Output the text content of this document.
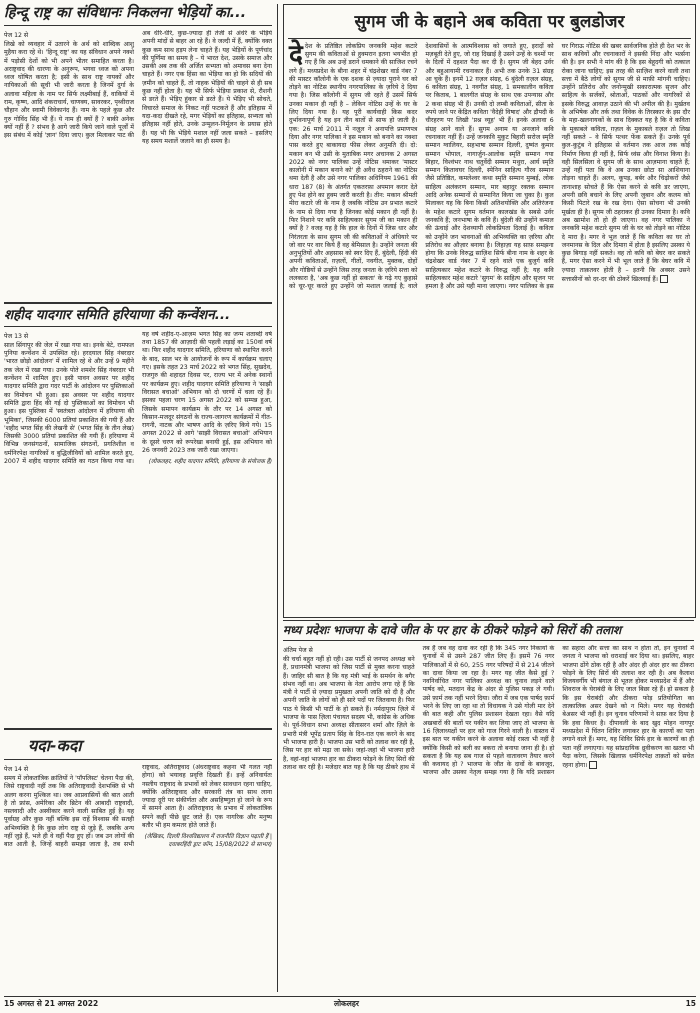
हिन्दू राष्ट्र का संविधानः निकलना भेड़ियों का...
पेज 12 से

लिखे को व्यवहार में उतारने के अर्थ को शाब्दिक आशु मुहैया करा रहे थे। 'हिन्दू राष्ट्र' का यह संविधान अपने नक्शे में पड़ोसी देशों को भी अपने भीतर समाहित करता है। अराष्ट्रवाद की धारणा के अनुरूप, भगवा ध्वज को अपना ध्वज घोषित करता है; इसी के साथ राष्ट्र नायकों और नायिकाओं की सूची भी जारी करता है जिनमें दुर्गा के अलावा महिला के नाम पर सिर्फ लक्ष्मीबाई हैं, वाकियों में राम, कृष्ण, आदि शंकराचार्य, चाणक्य, सावरकर, पृथ्वीराज चौहान और स्वामी विवेकानंद हैं। नाम के पहले कुछ और गुरु गोविंद सिंह भी हैं। ये नाम ही क्यों हैं ? बाकी अनेक क्यों नहीं हैं ? संभव है आगे जारी किये जाने वाले पूर्जों में इस संबंध में कोई 'ज्ञान' दिया जाए। कुल मिलाकर पाट की अब धीरे-धीरे, कुछ-ज्यादा ही तेजी से अंधेरे के भेड़िये अपनी मांदों से बाहर आ रहे हैं। वे जल्दी में हैं, क्योंकि वक्त कुछ कम साथ हड़प लेना चाहते हैं। यह भेड़ियों के पूर्णचांद की पूर्णिमा का समय है – ये भारत देश, उसके समाज और उसकी अब तक की अर्जित सभ्यता को अमावस बना देना चाहते हैं। नगर एक हिंसा का भेड़िया का हो कि सदियों की ज़मीन को चाहते हैं, तो नाहक भेड़ियों की चाहने से ही सब कुछ नहीं होता है। यह भी सिर्फ भेड़िया प्रकाश से, रौशनी से डरते हैं। भेड़िए हुंकार से डरते हैं। ये भेड़िए भी सोचते, विचारते समाज के निकट नहीं फटकते हैं और इतिहास में यदा-कदा दीखते रहे, मगर भेड़ियों का इतिहास, सभ्यता को इतिहास नहीं होते, उनके उन्मूलन-निर्मूलन के प्रयास होते हैं। यह भी कि भेड़िये मशाल नहीं जला सकते – इसलिए यह समय मशालें जलाने का ही समय है।

शहीद यादगार समिति हरियाणा की कन्वेंशन...
पेज 13 से

साल सिंगापुर की जेल में रखा गया था। इनके बेटे, रामफल पुनिया कन्वेंशन में उपस्थित रहे। हरदयाल सिंह नंबरदार 'भारत छोड़ो आंदोलन' में शामिल रहे थे और उन्हें 9 महीने तक जेल में रखा गया। उनके पोते शमशेर सिंह नंबरदार भी कन्वेंशन में शामिल हुए। इसी पावन अवसर पर शहीद यादगार समिति द्वारा गदर पार्टी के आंदोलन पर पुस्तिकाओं का विमोचन भी हुआ। इस अवसर पर शहीद यादगार समिति द्वारा हिंद की गई दो पुस्तिकाओं का विमोचन भी हुआ। इस पुस्तिका में 'स्वतंत्रता आंदोलन में हरियाणा की भूमिका', जिसकी 6000 प्रतियां प्रकाशित की गयी हैं और 'शहीद भगत सिंह की लेखनी से' (भगत सिंह के तीन लेख) जिसकी 3000 प्रतियां प्रकाशित की गयी हैं। हरियाणा में विभिन्न जनसंगठनों, सामाजिक संगठनों, प्रगतिशील व धर्मनिरपेक्ष नागरिकों व बुद्धिजीवियों को शामिल करते हुए, 2007 में शहीद यादगार समिति का गठन किया गया था। यह वर्ष शहीद-ए-आज़म भगत सिंह का जन्म शताब्दी वर्ष तथा 1857 की आज़ादी की पहली लड़ाई का 150वां वर्ष था। फिर शहीद यादगार समिति, हरियाणा को स्थापित करने के बाद, साल भर के आयोजनों के रूप में कार्यक्रम चलाए गए। इसके तहत 23 मार्च 2022 को भगत सिंह, सुखदेव, राजगुरु की शहादत दिवस पर, राज्य भर में अनेक स्थानों पर कार्यक्रम हुए। शहीद यादगार समिति हरियाणा ने 'साझी विरासत बचाओ' अभियान को दो चरणों में चला रहे हैं। इसका पहला चरण 15 अगस्त 2022 को सम्पन्न हुआ, जिसके समापन कार्यक्रम के तौर पर 14 अगस्त को किसान-मजदूर संगठनों के राज्य-जागरण कार्यक्रमों में गीत-रागनी, नाटक और भाषण आदि के ज़रिए किये गये। 15 अगस्त 2022 से आगे 'साझी विरासत बचाओ' अभियान के दूसरे चरण को रूपरेखा बनायी हुई, इस अभियान को 26 जनवरी 2023 तक जारी रखा जाएगा।

(लोकलहर, शहीद यादगार समिति, हरियाणा के संयोजक हैं)
यदा-कदा
पेज 14 से

समय में लोकतांत्रिक क्रांतियों ने 'पॉपलिस्ट' चेतना पैदा की, जिसे राष्ट्रवादी नहीं तक कि अतिराष्ट्रवादी देशभक्ति से भी अलग करना मुश्किल था। जब आप्रवासियों की बात आती है तो फ्रांस, अमेरिका और ब्रिटेन की आबादी राष्ट्रवादी, नस्लवादी और अस्वीकार करने वाली साबित हुई है। यह पूर्वाग्रह और कुछ नहीं बल्कि इस राहें विश्वास की सतही अभिव्यक्ति है कि कुछ लोग राष्ट्र से जुड़े हैं, जबकि अन्य नहीं जुड़े हैं, भले ही वे वहीं पैदा हुए हों। जब उन लोगों की बात आती है, जिन्हें बाहरी समझा जाता है, तब सभी राष्ट्रवाद, अतिराष्ट्रवाद (अंधराष्ट्रवाद कहना भी गलत नहीं होगा) को भयावह प्रवृत्ति दिखती हैं। इन्हें अनिवार्यतः नस्लीय राष्ट्रवाद के प्रभावों को लेकर सावधान रहना चाहिए, क्योंकि अतिराष्ट्रवाद और सरकारी तंत्र का साथ लाना ज्यादा दूरी पर संकीर्णता और असहिष्णुता हो जाने के रूप में सामने आता है। अतिराष्ट्रवाद के प्रभाव में लोकतांत्रिक सपने कहीं पीछे छूट जाते हैं। एक नागरिक और मनुष्य बतौर भी हम कमतर होते जाते हैं।

(लेखिका, दिल्ली विश्वविद्यालय में राजनीति विज्ञान पढ़ाती हैं | दवाबरहिंदी ड्राट कॉम, 15/08/2022 से साभार)
सुगम जी के बहाने अब कविता पर बुलडोजर

देदेश के प्रतिष्ठित लोकप्रिय जनकवि महेश कटारे सुगम की कविताओं से हुक्मरान इतना भयभीत हो गए हैं कि अब उन्हें डराने धमकाने की साजिश रचने लगे हैं। मध्यप्रदेश के बीना शहर में चंद्रशेखर वार्ड नंबर 7 की मास्टर कॉलोनी के एक दशक से ज़्यादा पुराने घर को तोड़ने का नोटिस स्थानीय नगरपालिका के ज़रिये दे दिया गया है। जिस कॉलोनी में सुगम जी रहते हैं उसमें सिर्फ उनका मकान ही नहीं है – लेकिन नोटिस उन्हें के घर के लिए दिया गया है। यह पूरी कार्यवाही किस कदर दुर्भावनापूर्ण है यह इन तीन बातों से साफ हो जाती है। एक: 26 मार्च 2011 में नज़ूल ने अनापत्ति प्रमाणपत्र दिया और नगर पालिका ने इस मकान को बनाने का नक्शा पास करते हुए बाकायदा फीस लेकर अनुमति दी। दो: मकान बन भी उसी के मुताबिक मगर अचानक 2 अगस्त 2022 को नगर पालिका उन्हें नोटिस थमाकर 'मास्टर कालोनी में मकान बनाने को' ही अवैध ठहराने का नोटिस थमा देती है और उसे नगर पालिका अधिनियम 1961 की धारा 187 (8) के अंतर्गत एकतरफ़ा अपमान करार देते हुए पेश होने का हुक्म जारी करती है। तीन: मकान श्रीमती मीरा कटारे जी के नाम है जबकि नोटिस उन प्रभात कटारे के नाम से दिया गया है जिनका कोई मकान ही नहीं है। फिर निशाने पर कवि साहित्यकार सुगम जी का मकान ही क्यों है ? वजह यह है कि हाल के दिनों में जिस धार और निरंतरता के साथ सुगम जी की कविताओं ने अंधियारे पर जो वार पर वार किये हैं वह बेमिसाल है। उन्होंने जनता की अनुभूतियों और अहसास को स्वर दिए हैं, बुंदेली, हिंदी की अपनी कविताओं, ग़ज़लों, गीतों, नवगीत, मुक्तक, दोहों और गोष्ठियों से उन्होंने जिस तरह जनता के ज़रिये सत्ता को ललकारा है, 'अब कुछ नहीं हो सकता' के गढ़े गए कुहासे को चूर-चूर करते हुए उन्होंने जो मशाल जलाई है; वाले देशवासियों के आत्मविश्वास को जगाते हुए, इरादों को मज़बूती देते हुए, जो राह दिखाई है उसने उन्हें के चश्मों पर के दिलों में दहशत पैदा कर दी है। सुगम जी बेहद उर्वर और बहुआयामी रचनाकार हैं। अभी तक उनके 31 संग्रह आ चुके हैं। इनमें 12 ग़ज़ल संग्रह, 6 बुंदेली ग़ज़ल संग्रह, 6 कविता संग्रह, 1 नवगीत संग्रह, 1 समकालीन कविता पर किताब, 1 बालगीत संग्रह के साथ एक उपन्यास और 2 कथा संग्रह भी हैं। उनकी दो लम्बी कविताओं, सीता के रुपये जाने पर केंद्रित कविता 'वैदेही विषाद' और द्रौपदी के चीरहरण पर लिखी 'प्रश्न व्यूह' भी हैं। इनके अलावा 6 संग्रह आने वाले हैं। सुगम अनाम या अनजाने कवि रचनाकार नहीं हैं। उन्हें जनकवि मुकुट बिहारी सरोज स्मृति सम्मान ग्वालियर, सहभाषा सम्मान दिल्ली, दुष्यंत कुमार सम्मान भोपाल, नागार्जुन-आलोक स्मृति सम्मान गया बिहार, विश्वंभर नाथ चतुर्वेदी सम्मान मथुरा, आर्य स्मृति सम्मान कितावघर दिल्ली, स्पेनिन साहित्य गौरव सम्मान जैसे प्रतिष्ठित, कमलेश्वर कथा स्मृति सम्मान मुम्बई, लोक साहित्य अलंकरण सम्मान, मार बहादुर रक्तक सम्मान आदि अनेक सम्मानों से सम्मानित किया जा चुका है। कुल मिलाकर यह कि बिना किसी अतिशयोक्ति और अतिरंजना के महेश कटारे सुगम वर्तमान कालखंड के सबसे उर्वर जनकवि हैं; जनभाषा के कवि हैं। बुंदेली की उन्होंने कमाल की ऊंचाई और देशव्यापी लोकप्रियता दिलाई है। कविता को उन्होंने जन भावनाओं की अभिव्यक्ति का ज़रिया और प्रतिरोध का औज़ार बनाया है। लिहाज़ा यह साफ़ समझना होगा कि उनके विरुद्ध साज़िश सिर्फ बीना नाम के शहर के चंद्रशेखर वार्ड नंबर 7 में रहने वाले एक बुजुर्ग कवि साहित्यकार महेश कटारे के विरुद्ध नहीं है; यह कवि साहित्यकार महेश कटारे 'सुगम' के साहित्य और सृजन पर हमला है और उसे यही माना जाएगा। नगर पालिका के इस घर गिराऊ नोटिस की खबर सार्वजनिक होते ही देश भर के साथ कवियों और रचनाकारों ने इसकी निंदा और भर्त्सना की है। इन सभी ने मांग की है कि इस बेहूदगी को तत्काल रोका जाना चाहिए; इस तरह की साज़िश करने वाली तथा सत्ता में बैठे लोगों को सुगम जी से माफ़ी मांगनी चाहिए। उन्होंने प्रतिरोध और जनोन्मुखी सकारात्मक सृजन और साहित्य के सर्जकों, श्रोताओं, पाठकों और नागरिकों से इसके विरुद्ध आवाज़ उठाने की भी अपील की है। मुर्खतव के अभिषेक और तर्क तथा विवेक के तिरस्कार के इस दौर के महा-खलनायकों के साथ दिक्कत यह है कि वे कविता के मुकाबले कविता, ग़ज़ल के मुकाबले ग़ज़ल तो लिख नहीं सकते – वे सिर्फ पत्थर फेंक सकते हैं। उनके पूर्व कुल-कुटुंब ने इतिहास से वर्तमान तक आज तक कोई निर्माण किया ही नहीं है, सिर्फ ध्वंस और विनाश किया है। वही सिलसिला वे सुगम जी के साथ आज़माना चाहते हैं; उन्हें नहीं पता कि वे अब उनका छोटा सा आशियाना तोड़ना चाहते हैं। अलग, कूपड़, बर्बर और चिढ़ोकरों जैसे तानाशाह सोचते हैं कि ऐसा करने से कवि डर जाएगा, अपनी छवि बचाने के लिए अपनी जुबान और कलम को किसी पिटारे रख के रख देगा। ऐसा सोचना भी उनकी मूर्खता ही है। सुगम जी ठहराकर ही उनका दिमाग़ है। कवि अब खामोश तो हो ही जाएगा। वह नगर पालिका ने जनकवि महेश कटारे सुगम जी के घर को तोड़ने का नोटिस दे मारा है। मगर वे भूल जाते हैं कि कविता का घर तो जनमानस के दिल और दिमाग़ में होता है इसलिए उसका ये कुछ बिगाड़ नहीं सकते। वह तो कवि को बेघर कर सकते हैं, मगर ऐसा करने में भी भूल जाते हैं कि बेघर कवि में ज़्यादा ताक़तवर होती है – इतनी कि अक्सर उसने सत्तासीनों को दर-दर की ठोकरें खिलवाई हैं।

मध्य प्रदेशः भाजपा के दावे जीत के पर हार के ठीकरे फोड़ने को सिरों की तलाश
अंतिम पेज से

की चर्चा बहुत नहीं हो रही। उस पार्टी से जनपद अध्यक्ष बने हैं, प्रधानमंत्री भाजपा को जिस पार्टी से मुक्त करना चाहते हैं। जाहिर सी बात है कि यह मंत्री भाई के समर्थन के बगैर संभव नहीं था। अब भाजपा के नेता आरोप लगा रहे हैं कि मंत्री ने पार्टी से ज़्यादा प्रमुखता अपनी जाति को दी है और अपनी जाति के लोगों को ही सारे पदों पर जितवाया है। फिर पाठ ये किसी भी पार्टी के हो सकते हैं। नर्मदापुरम ज़िले में भाजपा के पास ज़िला पंचायत सदस्य भी, कांग्रेस के अधिक थे। पूर्व-विधान सभा अध्यक्ष सीतासरन शर्मा और ज़िले के प्रभारी मंत्री भूपेंद्र प्रताप सिंह के दिन-रात एक करने के बाद भी भाजपा हारी है। भाजपा उस भारी को तलाश कर रही है, जिस पर हार को मढ़ा जा सके। जहां-जहां भी भाजपा हारी है, वहां-वहां भाजपा हार का ठीकरा फोड़ने के लिए सिरों की तलाश कर रही है। मजेदार बात यह है कि यह ठीकरे हाथ में तब हैं जब वह दावा कर रही है कि 345 नगर निकायों के चुनावों में से उसने 287 जीत लिए हैं। इसमें 76 नगर पालिकाओं में से 60, 255 नगर परिषदों में से 214 जीतने का दावा किया जा रहा है। मगर यह जीत कैसे हुई ? नवनिर्वाचित नगर पालिका अध्यक्ष का चुनाव लड़ने वाले पार्षद को, मतदान केंद्र के अंदर से पुलिस पकड़ ले गयी। उसे फ़ार्म तक नहीं भरने दिया। जौरा में जब एक पार्षद फ़ार्म भरने के लिए जा रहा था तो विधायक ने उसे गोली मार देने की बात कही और पुलिस प्रशासन देखता रहा। वैसे यदि अखबारों की बातों पर यकीन कर लिया जाए तो भाजपा के 16 ज़िलाध्यक्षों पर हार को गाज गिरने वाली है। वास्तव में इस बात पर यकीन करने के अलावा कोई रास्ता भी नहीं है क्योंकि किसी को बली का बकरा तो बनाया जाना ही है। हो सकता है कि यह सब गाज से पहले वातावरण तैयार करने की कवायद हो ? भाजपा के जीत के दावों के बावजूद, भाजपा और उसका नेतृत्व समझ गया है कि यदि प्रशासन का सहारा और सत्ता का साथ न होता तो, इन चुनावों में जनता ने भाजपा को धराशाई कर दिया था। इसलिए, बाहर भाजपा ढोंगे ठोक रही है और अंदर ही अंदर हार का ठीकरा फोड़ने के लिए सिरों की तलाश कर रही है। अब कैलाश विजयवर्गीय भी बंगाल से भूतल होकर मध्यप्रदेश में हैं और शिवराज के घेराबंदी के लिए जाल बिछा रहे हैं। हो सकता है कि इस घेराबंदी और ठीकरा फोड़ प्रतियोगिता का तात्कालिक असर देखने को न मिले। मगर यह घेराबंदी बेअसर भी नहीं है। इन चुनाव परिणामों ने साफ़ कर दिया है कि हवा किधर है। दीपावली के बाद खुद मोहन नागपुर मध्यप्रदेश में चिंतन शिविर लगाकर हार के कारणों का पता लगाने वाले हैं। मगर, यह शिविर सिर्फ हार के कारणों का ही पता नहीं लगाएगा। यह सांप्रदायिक ध्रुवीकरण का खतरा भी पैदा करेगा, जिसके खिलाफ़ धर्मनिरपेक्ष ताक़तों को सचेत रहना होगा।

15 अगस्त से 21 अगस्त 2022	लोकलहर	15
